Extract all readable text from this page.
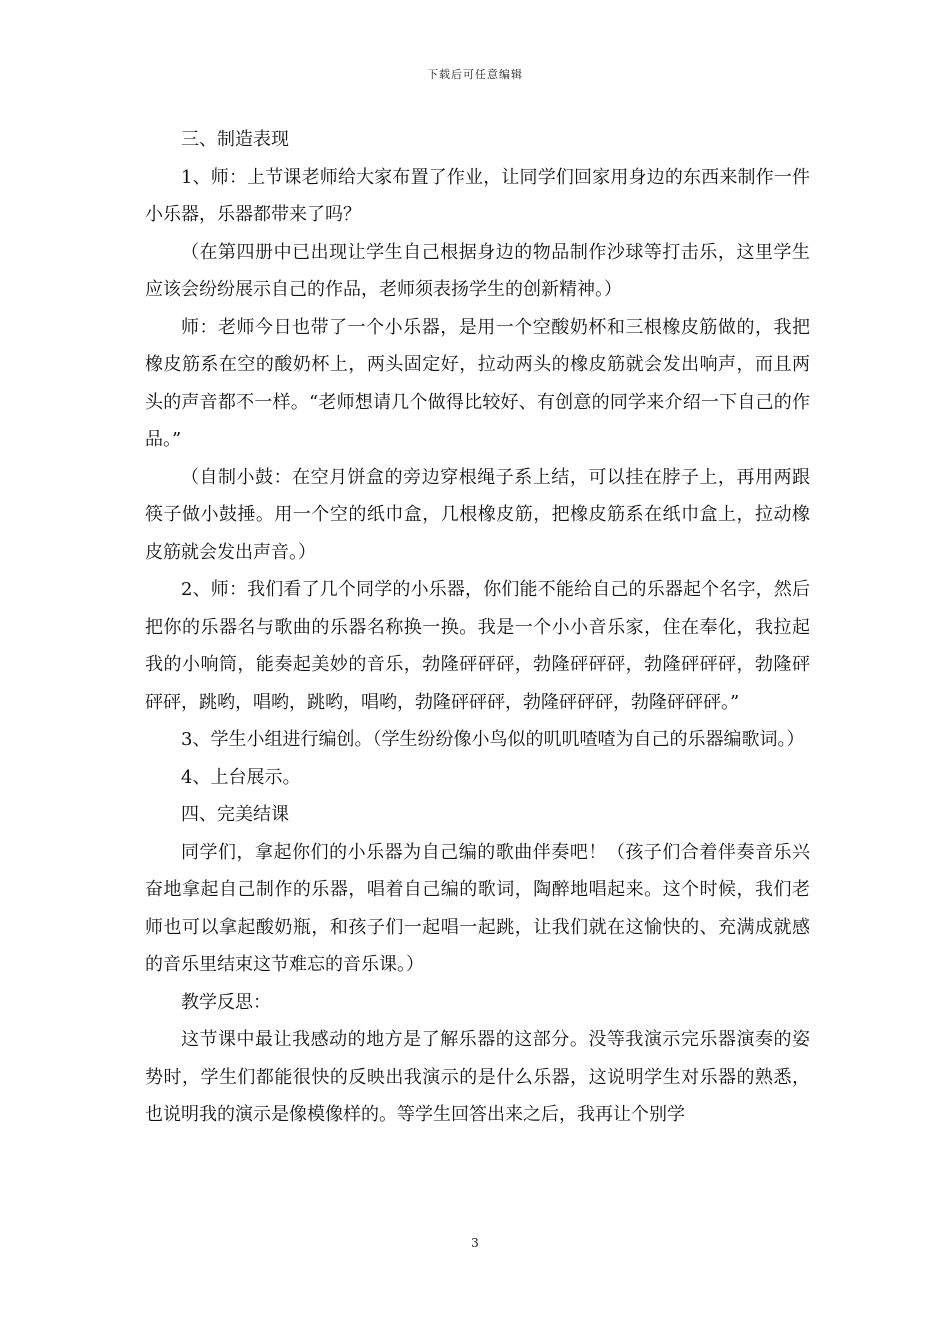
下载后可任意编辑

三、制造表现

1、师：上节课老师给大家布置了作业，让同学们回家用身边的东西来制作一件小乐器，乐器都带来了吗？

（在第四册中已出现让学生自己根据身边的物品制作沙球等打击乐，这里学生应该会纷纷展示自己的作品，老师须表扬学生的创新精神。）

师：老师今日也带了一个小乐器，是用一个空酸奶杯和三根橡皮筋做的，我把橡皮筋系在空的酸奶杯上，两头固定好，拉动两头的橡皮筋就会发出响声，而且两头的声音都不一样。“老师想请几个做得比较好、有创意的同学来介绍一下自己的作品。”

（自制小鼓：在空月饼盒的旁边穿根绳子系上结，可以挂在脖子上，再用两跟筷子做小鼓捶。用一个空的纸巾盒，几根橡皮筋，把橡皮筋系在纸巾盒上，拉动橡皮筋就会发出声音。）

2、师：我们看了几个同学的小乐器，你们能不能给自己的乐器起个名字，然后把你的乐器名与歌曲的乐器名称换一换。我是一个小小音乐家，住在奉化，我拉起我的小响筒，能奏起美妙的音乐，勃隆砰砰砰，勃隆砰砰砰，勃隆砰砰砰，勃隆砰砰砰，跳哟，唱哟，跳哟，唱哟，勃隆砰砰砰，勃隆砰砰砰，勃隆砰砰砰。”

3、学生小组进行编创。（学生纷纷像小鸟似的叽叽喳喳为自己的乐器编歌词。）

4、上台展示。

四、完美结课

同学们，拿起你们的小乐器为自己编的歌曲伴奏吧！（孩子们合着伴奏音乐兴奋地拿起自己制作的乐器，唱着自己编的歌词，陶醉地唱起来。这个时候，我们老师也可以拿起酸奶瓶，和孩子们一起唱一起跳，让我们就在这愉快的、充满成就感的音乐里结束这节难忘的音乐课。）

教学反思：

这节课中最让我感动的地方是了解乐器的这部分。没等我演示完乐器演奏的姿势时，学生们都能很快的反映出我演示的是什么乐器，这说明学生对乐器的熟悉，也说明我的演示是像模像样的。等学生回答出来之后，我再让个别学

3
